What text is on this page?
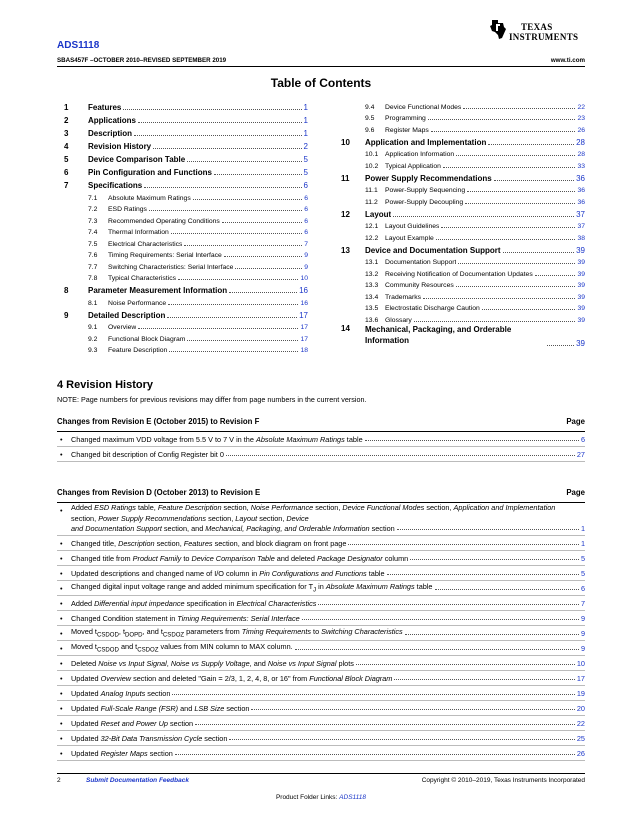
ADS1118
SBAS457F –OCTOBER 2010–REVISED SEPTEMBER 2019	www.ti.com
TEXAS
INSTRUMENTS
Table of Contents
1	Features	1
2	Applications	1
3	Description	1
4	Revision History	2
5	Device Comparison Table	5
6	Pin Configuration and Functions	5
7	Specifications	6
7.1	Absolute Maximum Ratings	6
7.2	ESD Ratings	6
7.3	Recommended Operating Conditions	6
7.4	Thermal Information	6
7.5	Electrical Characteristics	7
7.6	Timing Requirements: Serial Interface	9
7.7	Switching Characteristics: Serial Interface	9
7.8	Typical Characteristics	10
8	Parameter Measurement Information	16
8.1	Noise Performance	16
9	Detailed Description	17
9.1	Overview	17
9.2	Functional Block Diagram	17
9.3	Feature Description	18
9.4	Device Functional Modes	22
9.5	Programming	23
9.6	Register Maps	26
10	Application and Implementation	28
10.1 Application Information	28
10.2 Typical Application	33
11	Power Supply Recommendations	36
11.1	Power-Supply Sequencing	36
11.2	Power-Supply Decoupling	36
12	Layout	37
12.1 Layout Guidelines	37
12.2 Layout Example	38
13	Device and Documentation Support	39
13.1 Documentation Support	39
13.2 Receiving Notification of Documentation Updates	39
13.3 Community Resources	39
13.4 Trademarks	39
13.5 Electrostatic Discharge Caution	39
13.6 Glossary	39
14	Mechanical, Packaging, and Orderable Information	39
4 Revision History
NOTE: Page numbers for previous revisions may differ from page numbers in the current version.
Changes from Revision E (October 2015) to Revision F	Page
• Changed maximum VDD voltage from 5.5 V to 7 V in the Absolute Maximum Ratings table	6
• Changed bit description of Config Register bit 0	27
Changes from Revision D (October 2013) to Revision E	Page
• Added ESD Ratings table, Feature Description section, Noise Performance section, Device Functional Modes section, Application and Implementation section, Power Supply Recommendations section, Layout section, Device
and Documentation Support section, and Mechanical, Packaging, and Orderable Information section	1
• Changed title, Description section, Features section, and block diagram on front page	1
• Changed title from Product Family to Device Comparison Table and deleted Package Designator column	5
• Updated descriptions and changed name of I/O column in Pin Configurations and Functions table	5
• Changed digital input voltage range and added minimum specification for $T_J$ in Absolute Maximum Ratings table	6
• Added Differential input impedance specification in Electrical Characteristics	7
• Changed Condition statement in Timing Requirements: Serial Interface	9
• Moved $t_{CSDOD}$, $t_{DOPD}$, and $t_{CSDOZ}$ parameters from Timing Requirements to Switching Characteristics	9
• Moved $t_{CSDOD}$ and $t_{CSDOZ}$ values from MIN column to MAX column.	9
• Deleted Noise vs Input Signal, Noise vs Supply Voltage, and Noise vs Input Signal plots	10
• Updated Overview section and deleted "Gain = 2/3, 1, 2, 4, 8, or 16" from Functional Block Diagram	17
• Updated Analog Inputs section	19
• Updated Full-Scale Range (FSR) and LSB Size section	20
• Updated Reset and Power Up section	22
• Updated 32-Bit Data Transmission Cycle section	25
• Updated Register Maps section	26
2	Submit Documentation Feedback	Copyright © 2010–2019, Texas Instruments Incorporated
Product Folder Links: ADS1118
